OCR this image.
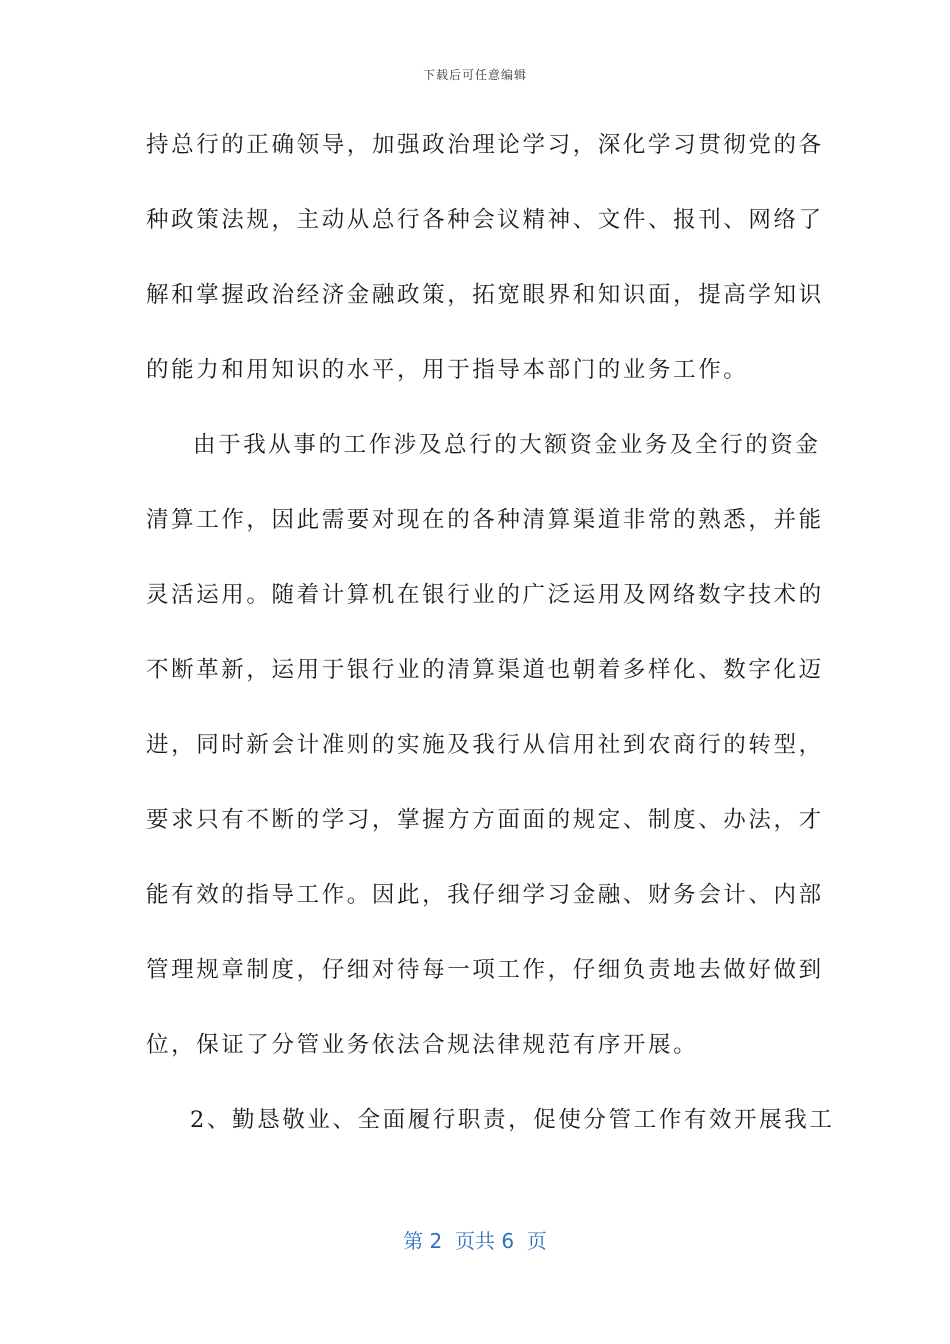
下载后可任意编辑
持总行的正确领导，加强政治理论学习，深化学习贯彻党的各
种政策法规，主动从总行各种会议精神、文件、报刊、网络了
解和掌握政治经济金融政策，拓宽眼界和知识面，提高学知识
的能力和用知识的水平，用于指导本部门的业务工作。
由于我从事的工作涉及总行的大额资金业务及全行的资金
清算工作，因此需要对现在的各种清算渠道非常的熟悉，并能
灵活运用。随着计算机在银行业的广泛运用及网络数字技术的
不断革新，运用于银行业的清算渠道也朝着多样化、数字化迈
进，同时新会计准则的实施及我行从信用社到农商行的转型，
要求只有不断的学习，掌握方方面面的规定、制度、办法，才
能有效的指导工作。因此，我仔细学习金融、财务会计、内部
管理规章制度，仔细对待每一项工作，仔细负责地去做好做到
位，保证了分管业务依法合规法律规范有序开展。
2、勤恳敬业、全面履行职责，促使分管工作有效开展我工
第 2  页共 6  页
